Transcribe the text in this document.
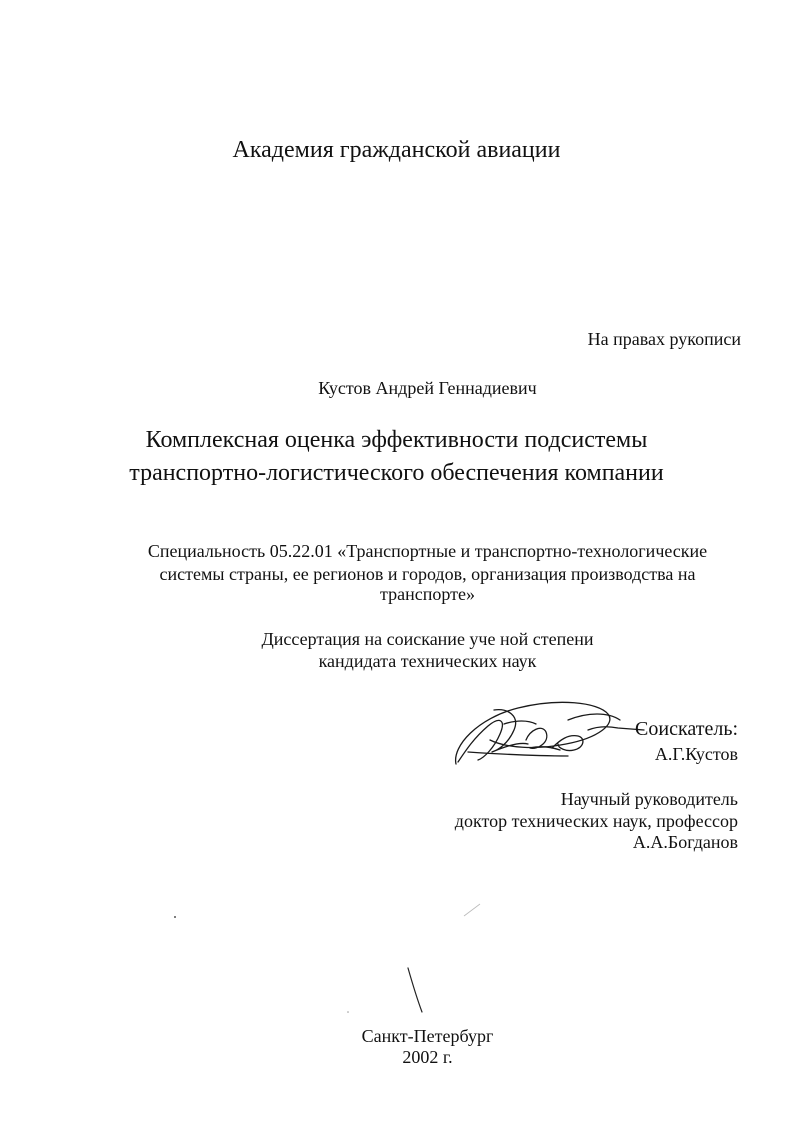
Академия гражданской авиации
На правах рукописи
Кустов Андрей Геннадиевич
Комплексная оценка эффективности подсистемы
транспортно-логистического обеспечения компании
Специальность 05.22.01 «Транспортные и транспортно-технологические
системы страны, ее регионов и городов, организация производства на
транспорте»
Диссертация на соискание уче ной степени
кандидата технических наук
Соискатель:
А.Г.Кустов
Научный руководитель
доктор технических наук, профессор
А.А.Богданов
Санкт-Петербург
2002 г.
